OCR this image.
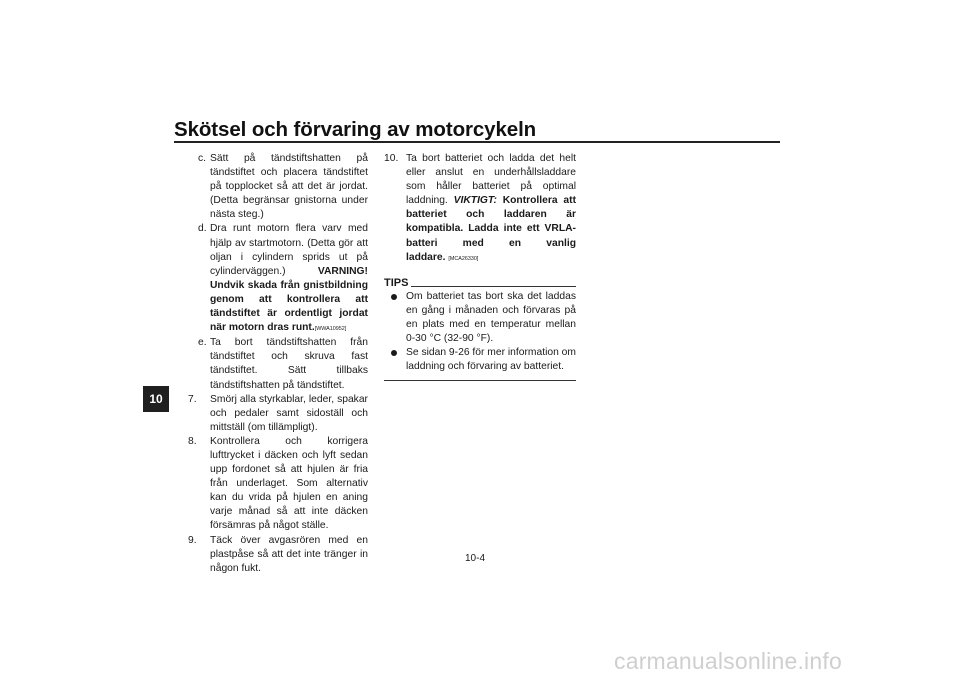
Skötsel och förvaring av motorcykeln
10
c. Sätt på tändstiftshatten på tändstiftet och placera tändstiftet på topplocket så att det är jordat. (Detta begränsar gnistorna under nästa steg.)
d. Dra runt motorn flera varv med hjälp av startmotorn. (Detta gör att oljan i cylindern sprids ut på cylinderväggen.) VARNING! Undvik skada från gnistbildning genom att kontrollera att tändstiftet är ordentligt jordat när motorn dras runt.[WWA10952]
e. Ta bort tändstiftshatten från tändstiftet och skruva fast tändstiftet. Sätt tillbaks tändstiftshatten på tändstiftet.
7. Smörj alla styrkablar, leder, spakar och pedaler samt sidoställ och mittställ (om tillämpligt).
8. Kontrollera och korrigera lufttrycket i däcken och lyft sedan upp fordonet så att hjulen är fria från underlaget. Som alternativ kan du vrida på hjulen en aning varje månad så att inte däcken försämras på något ställe.
9. Täck över avgasrören med en plastpåse så att det inte tränger in någon fukt.
10. Ta bort batteriet och ladda det helt eller anslut en underhållsladdare som håller batteriet på optimal laddning. VIKTIGT: Kontrollera att batteriet och laddaren är kompatibla. Ladda inte ett VRLA-batteri med en vanlig laddare. [MCA26330]
TIPS
Om batteriet tas bort ska det laddas en gång i månaden och förvaras på en plats med en temperatur mellan 0-30 °C (32-90 °F).
Se sidan 9-26 för mer information om laddning och förvaring av batteriet.
10-4
carmanualsonline.info
